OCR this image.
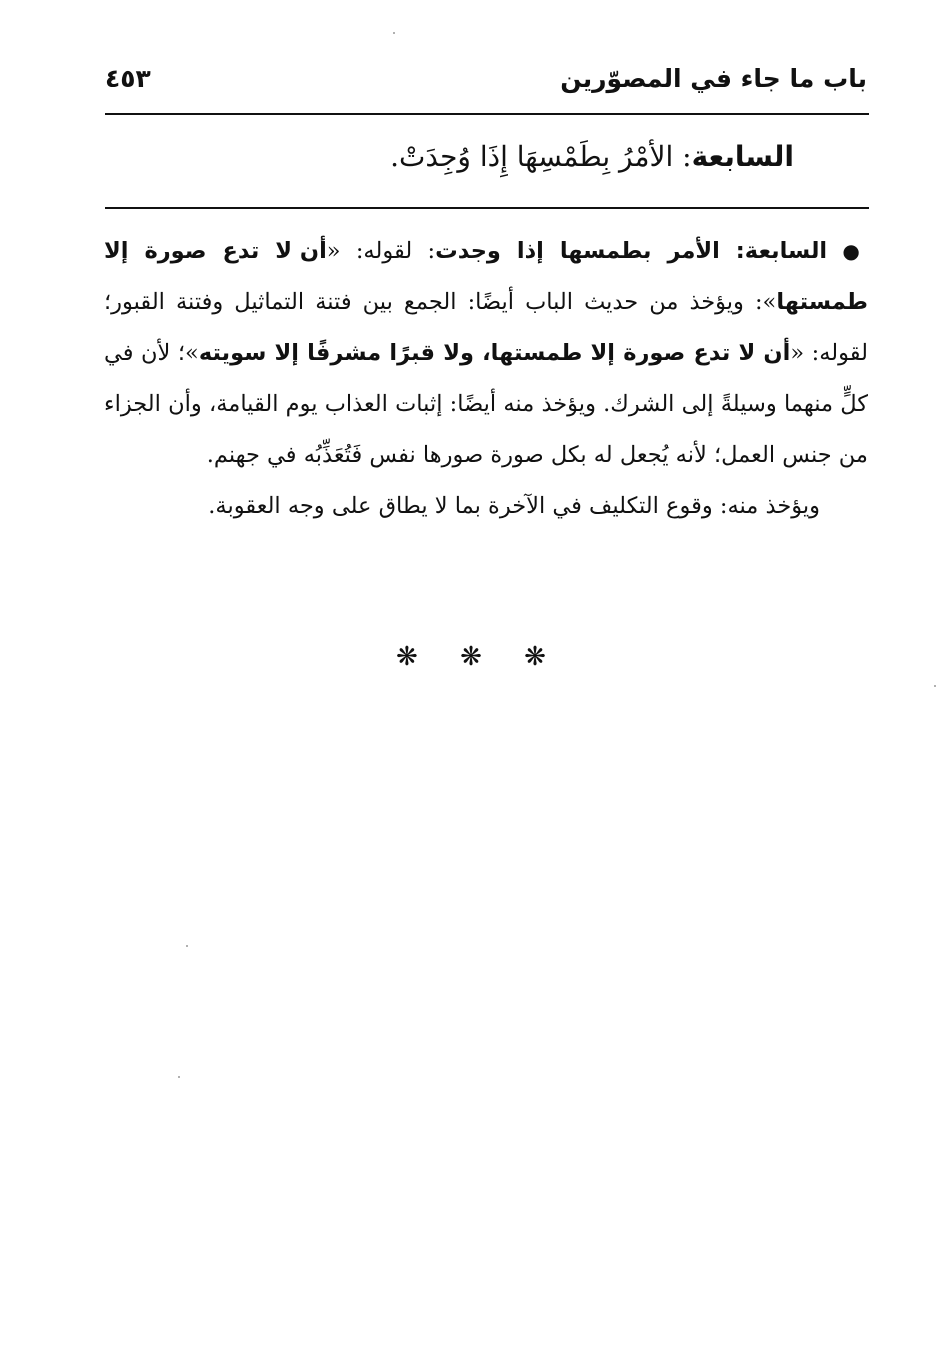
باب ما جاء في المصوّرين
٤٥٣
السابعة: الأمْرُ بِطَمْسِهَا إِذَا وُجِدَتْ.

● السابعة: الأمر بطمسها إذا وجدت: لقوله: «أن لا تدع صورة إلا طمستها»: ويؤخذ من حديث الباب أيضًا: الجمع بين فتنة التماثيل وفتنة القبور؛ لقوله: «أن لا تدع صورة إلا طمستها، ولا قبرًا مشرفًا إلا سويته»؛ لأن في كلٍّ منهما وسيلةً إلى الشرك. ويؤخذ منه أيضًا: إثبات العذاب يوم القيامة، وأن الجزاء من جنس العمل؛ لأنه يُجعل له بكل صورة صورها نفس فَتُعَذِّبُه في جهنم.

ويؤخذ منه: وقوع التكليف في الآخرة بما لا يطاق على وجه العقوبة.

❋ ❋ ❋
